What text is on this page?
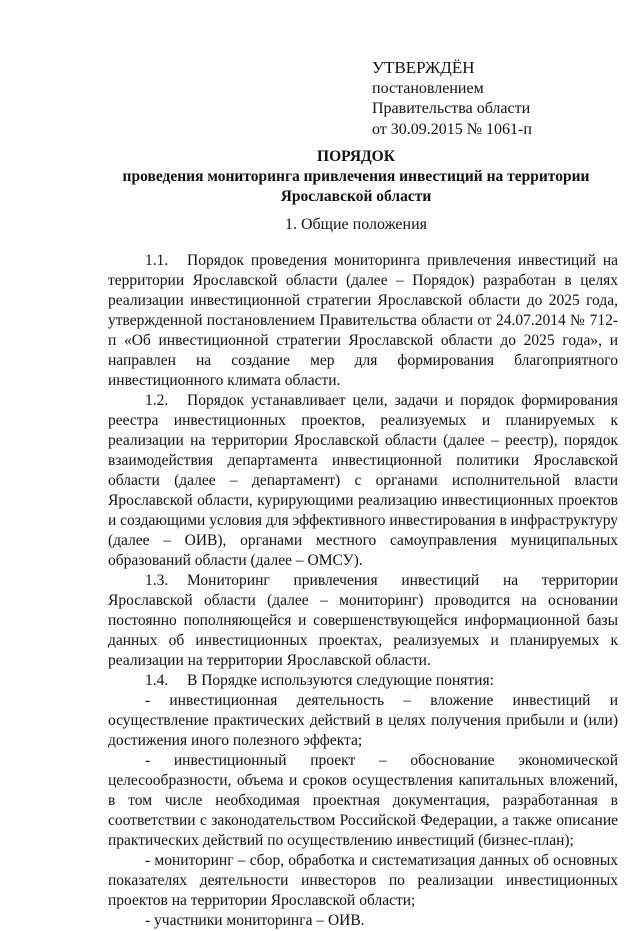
УТВЕРЖДЁН
постановлением
Правительства области
от 30.09.2015 № 1061-п
ПОРЯДОК
проведения мониторинга привлечения инвестиций на территории
Ярославской области
1. Общие положения

1.1. Порядок проведения мониторинга привлечения инвестиций на территории Ярославской области (далее – Порядок) разработан в целях реализации инвестиционной стратегии Ярославской области до 2025 года, утвержденной постановлением Правительства области от 24.07.2014 № 712-п «Об инвестиционной стратегии Ярославской области до 2025 года», и направлен на создание мер для формирования благоприятного инвестиционного климата области.

1.2. Порядок устанавливает цели, задачи и порядок формирования реестра инвестиционных проектов, реализуемых и планируемых к реализации на территории Ярославской области (далее – реестр), порядок взаимодействия департамента инвестиционной политики Ярославской области (далее – департамент) с органами исполнительной власти Ярославской области, курирующими реализацию инвестиционных проектов и создающими условия для эффективного инвестирования в инфраструктуру (далее – ОИВ), органами местного самоуправления муниципальных образований области (далее – ОМСУ).

1.3. Мониторинг привлечения инвестиций на территории Ярославской области (далее – мониторинг) проводится на основании постоянно пополняющейся и совершенствующейся информационной базы данных об инвестиционных проектах, реализуемых и планируемых к реализации на территории Ярославской области.

1.4. В Порядке используются следующие понятия:

- инвестиционная деятельность – вложение инвестиций и осуществление практических действий в целях получения прибыли и (или) достижения иного полезного эффекта;

- инвестиционный проект – обоснование экономической целесообразности, объема и сроков осуществления капитальных вложений, в том числе необходимая проектная документация, разработанная в соответствии с законодательством Российской Федерации, а также описание практических действий по осуществлению инвестиций (бизнес-план);

- мониторинг – сбор, обработка и систематизация данных об основных показателях деятельности инвесторов по реализации инвестиционных проектов на территории Ярославской области;

- участники мониторинга – ОИВ.
